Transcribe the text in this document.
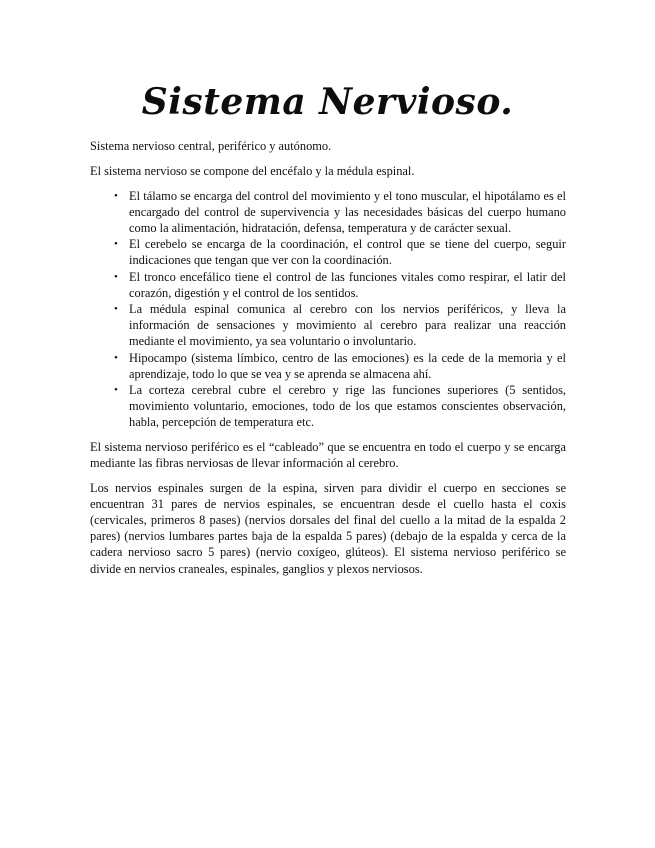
Sistema Nervioso.

Sistema nervioso central, periférico y autónomo.

El sistema nervioso se compone del encéfalo y la médula espinal.

• El tálamo se encarga del control del movimiento y el tono muscular, el hipotálamo es el encargado del control de supervivencia y las necesidades básicas del cuerpo humano como la alimentación, hidratación, defensa, temperatura y de carácter sexual.
• El cerebelo se encarga de la coordinación, el control que se tiene del cuerpo, seguir indicaciones que tengan que ver con la coordinación.
• El tronco encefálico tiene el control de las funciones vitales como respirar, el latir del corazón, digestión y el control de los sentidos.
• La médula espinal comunica al cerebro con los nervios periféricos, y lleva la información de sensaciones y movimiento al cerebro para realizar una reacción mediante el movimiento, ya sea voluntario o involuntario.
• Hipocampo (sistema límbico, centro de las emociones) es la cede de la memoria y el aprendizaje, todo lo que se vea y se aprenda se almacena ahí.
• La corteza cerebral cubre el cerebro y rige las funciones superiores (5 sentidos, movimiento voluntario, emociones, todo de los que estamos conscientes observación, habla, percepción de temperatura etc.

El sistema nervioso periférico es el “cableado” que se encuentra en todo el cuerpo y se encarga mediante las fibras nerviosas de llevar información al cerebro.

Los nervios espinales surgen de la espina, sirven para dividir el cuerpo en secciones se encuentran 31 pares de nervios espinales, se encuentran desde el cuello hasta el coxis (cervicales, primeros 8 pases) (nervios dorsales del final del cuello a la mitad de la espalda 2 pares) (nervios lumbares partes baja de la espalda 5 pares) (debajo de la espalda y cerca de la cadera nervioso sacro 5 pares) (nervio coxígeo, glúteos). El sistema nervioso periférico se divide en nervios craneales, espinales, ganglios y plexos nerviosos.
